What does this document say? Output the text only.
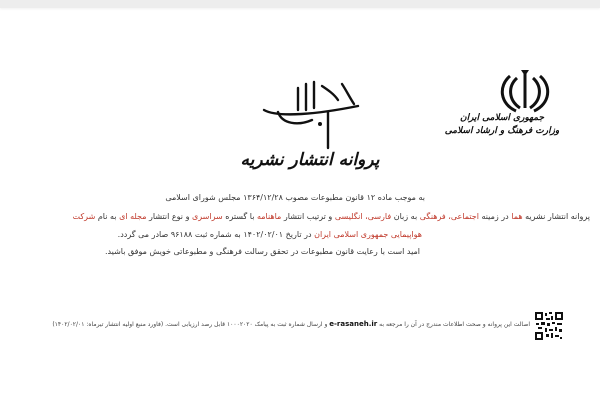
جمهوری اسلامی ایران
وزارت فرهنگ و ارشاد اسلامی
پروانه انتشار نشریه
به موجب ماده ۱۲ قانون مطبوعات مصوب ۱۳۶۴/۱۲/۲۸ مجلس شورای اسلامی
پروانه انتشار نشریه هما در زمینه اجتماعی، فرهنگی به زبان فارسی، انگلیسی و ترتیب انتشار ماهنامه با گستره سراسری و نوع انتشار مجله ای به نام شرکت
هواپیمایی جمهوری اسلامی ایران در تاریخ ۱۴۰۲/۰۲/۰۱ به شماره ثبت ۹۶۱۸۸ صادر می گردد.
امید است با رعایت قانون مطبوعات در تحقق رسالت فرهنگی و مطبوعاتی خویش موفق باشید.
اصالت این پروانه و صحت اطلاعات مندرج در آن را مرجعه به e-rasaneh.ir و ارسال شماره ثبت به پیامک ۱۰۰۰۲۰۲۰ قابل رصد ارزیابی است. (فاورد منبع اولیه انتشار تیرماه: ۱۴۰۲/۰۲/۰۱)
